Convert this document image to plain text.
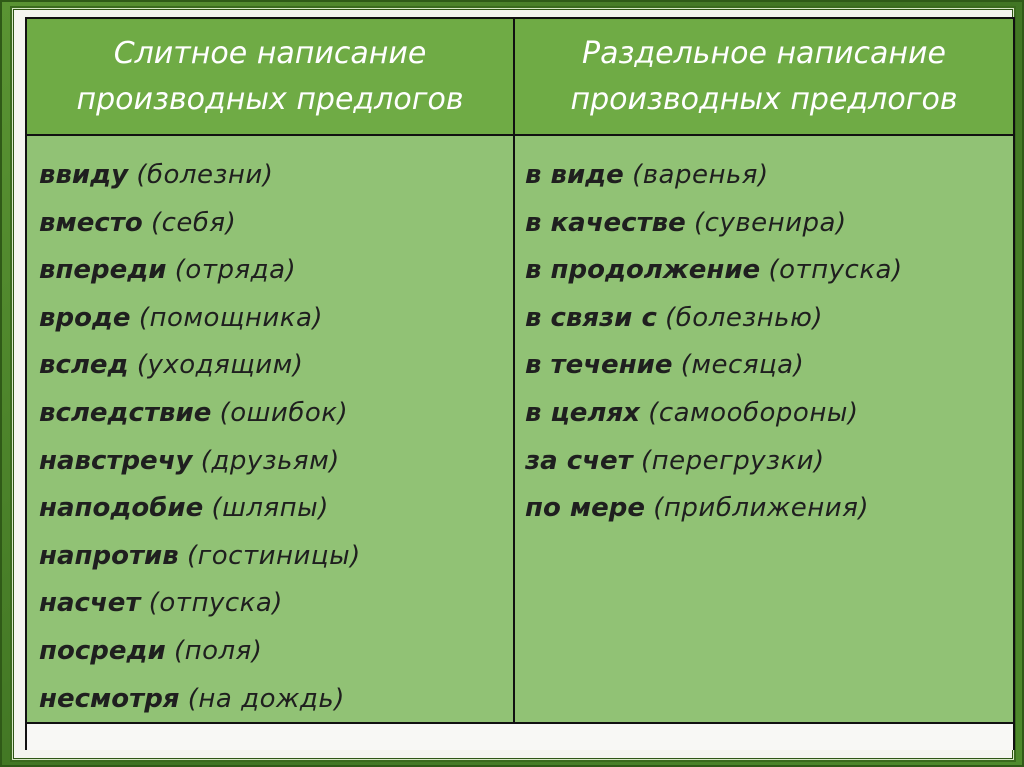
Слитное написание
производных предлогов
Раздельное написание
производных предлогов
ввиду (болезни)
вместо (себя)
впереди (отряда)
вроде (помощника)
вслед (уходящим)
вследствие (ошибок)
навстречу (друзьям)
наподобие (шляпы)
напротив (гостиницы)
насчет (отпуска)
посреди (поля)
несмотря (на дождь)
в виде (варенья)
в качестве (сувенира)
в продолжение (отпуска)
в связи с (болезнью)
в течение (месяца)
в целях (самообороны)
за счет (перегрузки)
по мере (приближения)
